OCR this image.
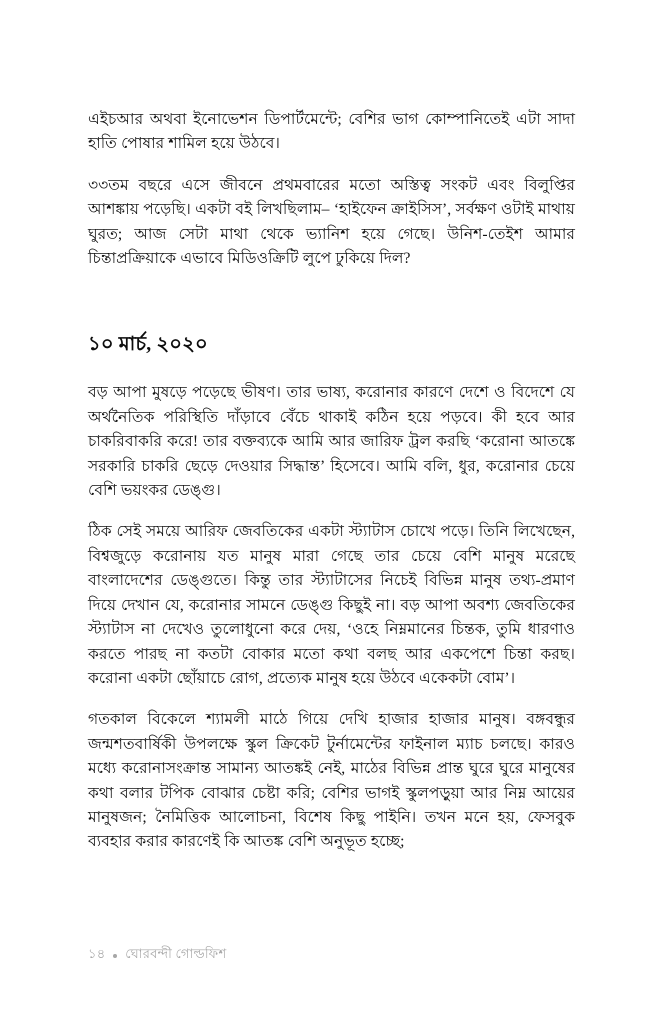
এইচআর অথবা ইনোভেশন ডিপার্টমেন্টে; বেশির ভাগ কোম্পানিতেই এটা সাদা হাতি পোষার শামিল হয়ে উঠবে।

৩৩তম বছরে এসে জীবনে প্রথমবারের মতো অস্তিত্ব সংকট এবং বিলুপ্তির আশঙ্কায় পড়েছি। একটা বই লিখছিলাম– ‘হাইফেন ক্রাইসিস’, সর্বক্ষণ ওটাই মাথায় ঘুরত; আজ সেটা মাথা থেকে ভ্যানিশ হয়ে গেছে। উনিশ-তেইশ আমার চিন্তাপ্রক্রিয়াকে এভাবে মিডিওক্রিটি লুপে ঢুকিয়ে দিল?

১০ মার্চ, ২০২০

বড় আপা মুষড়ে পড়েছে ভীষণ। তার ভাষ্য, করোনার কারণে দেশে ও বিদেশে যে অর্থনৈতিক পরিস্থিতি দাঁড়াবে বেঁচে থাকাই কঠিন হয়ে পড়বে। কী হবে আর চাকরিবাকরি করে! তার বক্তব্যকে আমি আর জারিফ ট্রল করছি ‘করোনা আতঙ্কে সরকারি চাকরি ছেড়ে দেওয়ার সিদ্ধান্ত’ হিসেবে। আমি বলি, ধুর, করোনার চেয়ে বেশি ভয়ংকর ডেঙ্গু।

ঠিক সেই সময়ে আরিফ জেবতিকের একটা স্ট্যাটাস চোখে পড়ে। তিনি লিখেছেন, বিশ্বজুড়ে করোনায় যত মানুষ মারা গেছে তার চেয়ে বেশি মানুষ মরেছে বাংলাদেশের ডেঙ্গুতে। কিন্তু তার স্ট্যাটাসের নিচেই বিভিন্ন মানুষ তথ্য-প্রমাণ দিয়ে দেখান যে, করোনার সামনে ডেঙ্গু কিছুই না। বড় আপা অবশ্য জেবতিকের স্ট্যাটাস না দেখেও তুলোধুনো করে দেয়, ‘ওহে নিম্নমানের চিন্তক, তুমি ধারণাও করতে পারছ না কতটা বোকার মতো কথা বলছ আর একপেশে চিন্তা করছ। করোনা একটা ছোঁয়াচে রোগ, প্রত্যেক মানুষ হয়ে উঠবে একেকটা বোম’।

গতকাল বিকেলে শ্যামলী মাঠে গিয়ে দেখি হাজার হাজার মানুষ। বঙ্গবন্ধুর জন্মশতবার্ষিকী উপলক্ষে স্কুল ক্রিকেট টুর্নামেন্টের ফাইনাল ম্যাচ চলছে। কারও মধ্যে করোনাসংক্রান্ত সামান্য আতঙ্কই নেই, মাঠের বিভিন্ন প্রান্ত ঘুরে ঘুরে মানুষের কথা বলার টপিক বোঝার চেষ্টা করি; বেশির ভাগই স্কুলপড়ুয়া আর নিম্ন আয়ের মানুষজন; নৈমিত্তিক আলোচনা, বিশেষ কিছু পাইনি। তখন মনে হয়, ফেসবুক ব্যবহার করার কারণেই কি আতঙ্ক বেশি অনুভূত হচ্ছে;

১৪ ঘোরবন্দী গোল্ডফিশ
